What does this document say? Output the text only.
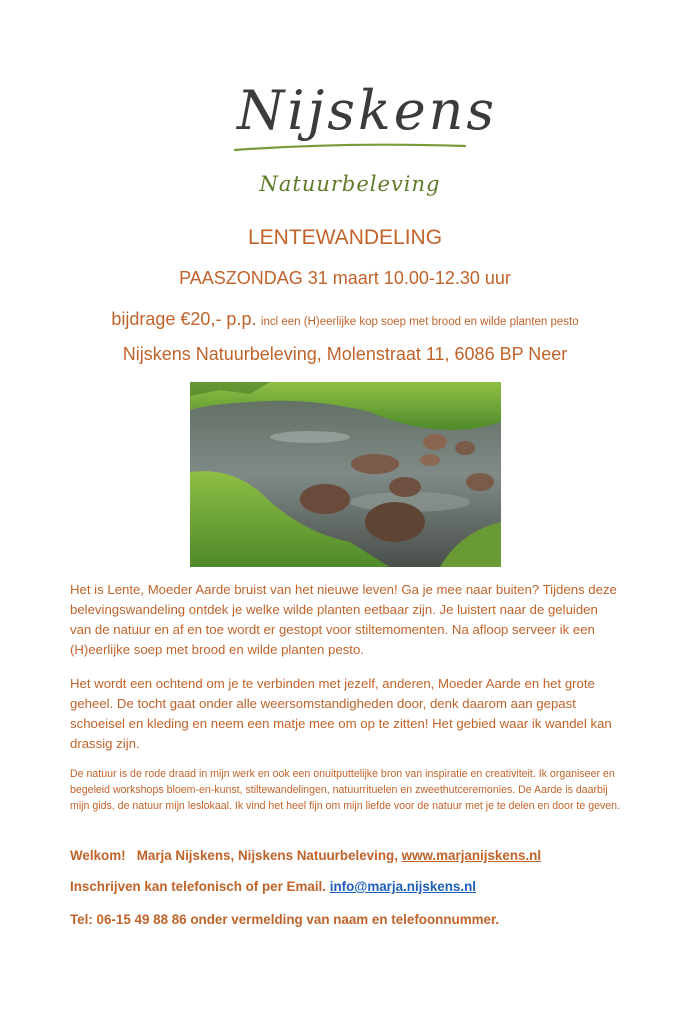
Nijskens
Natuurbeleving
LENTEWANDELING
PAASZONDAG 31 maart 10.00-12.30 uur
bijdrage €20,- p.p. incl een (H)eerlijke kop soep met brood en wilde planten pesto
Nijskens Natuurbeleving, Molenstraat 11, 6086 BP Neer
Het is Lente, Moeder Aarde bruist van het nieuwe leven! Ga je mee naar buiten? Tijdens deze belevingswandeling ontdek je welke wilde planten eetbaar zijn. Je luistert naar de geluiden van de natuur en af en toe wordt er gestopt voor stiltemomenten. Na afloop serveer ik een (H)eerlijke soep met brood en wilde planten pesto.
Het wordt een ochtend om je te verbinden met jezelf, anderen, Moeder Aarde en het grote geheel. De tocht gaat onder alle weersomstandigheden door, denk daarom aan gepast schoeisel en kleding en neem een matje mee om op te zitten! Het gebied waar ik wandel kan drassig zijn.
De natuur is de rode draad in mijn werk en ook een onuitputtelijke bron van inspiratie en creativiteit. Ik organiseer en begeleid workshops bloem-en-kunst, stiltewandelingen, natuurrituelen en zweethutceremonies. De Aarde is daarbij mijn gids, de natuur mijn leslokaal. Ik vind het heel fijn om mijn liefde voor de natuur met je te delen en door te geven.
Welkom!   Marja Nijskens, Nijskens Natuurbeleving, www.marjanijskens.nl
Inschrijven kan telefonisch of per Email. info@marja.nijskens.nl
Tel: 06-15 49 88 86 onder vermelding van naam en telefoonnummer.
